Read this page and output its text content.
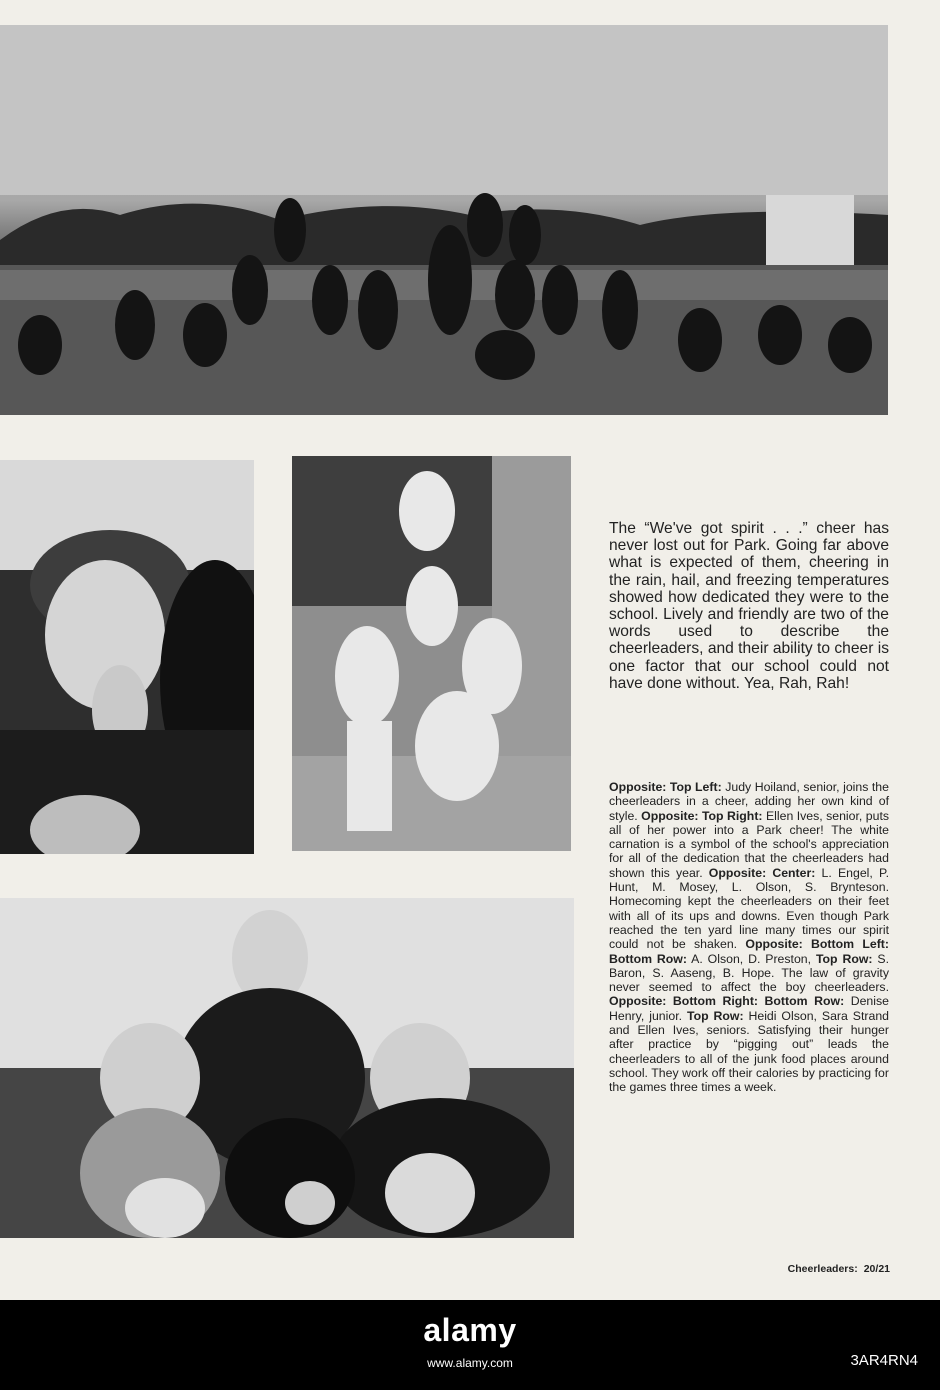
The “We've got spirit . . .” cheer has never lost out for Park. Going far above what is expected of them, cheering in the rain, hail, and freezing temperatures showed how dedicated they were to the school. Lively and friendly are two of the words used to describe the cheerleaders, and their ability to cheer is one factor that our school could not have done without. Yea, Rah, Rah!

Opposite: Top Left: Judy Hoiland, senior, joins the cheerleaders in a cheer, adding her own kind of style. Opposite: Top Right: Ellen Ives, senior, puts all of her power into a Park cheer! The white carnation is a symbol of the school's appreciation for all of the dedication that the cheerleaders had shown this year. Opposite: Center: L. Engel, P. Hunt, M. Mosey, L. Olson, S. Brynteson. Homecoming kept the cheerleaders on their feet with all of its ups and downs. Even though Park reached the ten yard line many times our spirit could not be shaken. Opposite: Bottom Left: Bottom Row: A. Olson, D. Preston, Top Row: S. Baron, S. Aaseng, B. Hope. The law of gravity never seemed to affect the boy cheerleaders. Opposite: Bottom Right: Bottom Row: Denise Henry, junior. Top Row: Heidi Olson, Sara Strand and Ellen Ives, seniors. Satisfying their hunger after practice by “pigging out” leads the cheerleaders to all of the junk food places around school. They work off their calories by practicing for the games three times a week.

Cheerleaders: 20/21
alamy
3AR4RN4
www.alamy.com
